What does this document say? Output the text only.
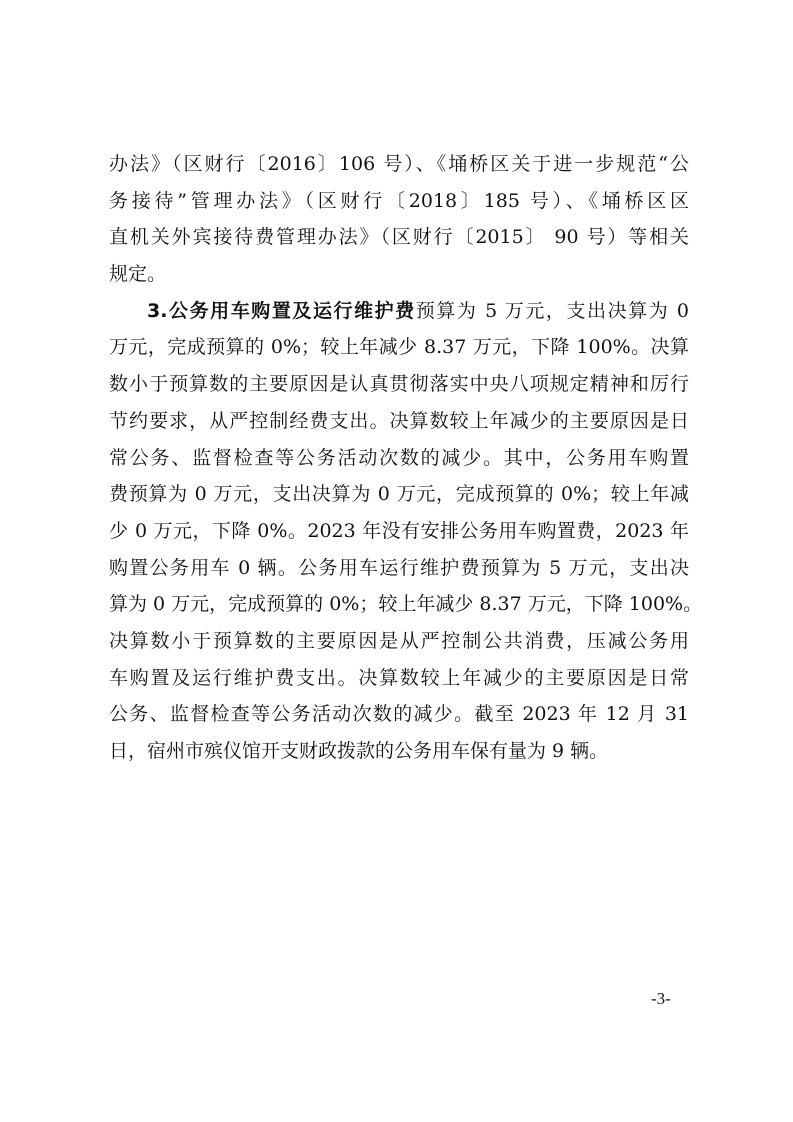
办法》（区财行〔2016〕106 号）、《埇桥区关于进一步规范“公
务接待”管理办法》（区财行〔2018〕185 号）、《埇桥区区
直机关外宾接待费管理办法》（区财行〔2015〕 90 号）等相关
规定。
3.公务用车购置及运行维护费预算为 5 万元，支出决算为 0
万元，完成预算的 0%；较上年减少 8.37 万元，下降 100%。决算
数小于预算数的主要原因是认真贯彻落实中央八项规定精神和厉行
节约要求，从严控制经费支出。决算数较上年减少的主要原因是日
常公务、监督检查等公务活动次数的减少。其中，公务用车购置
费预算为 0 万元，支出决算为 0 万元，完成预算的 0%；较上年减
少 0 万元，下降 0%。2023 年没有安排公务用车购置费，2023 年
购置公务用车 0 辆。公务用车运行维护费预算为 5 万元，支出决
算为 0 万元，完成预算的 0%；较上年减少 8.37 万元，下降 100%。
决算数小于预算数的主要原因是从严控制公共消费，压减公务用
车购置及运行维护费支出。决算数较上年减少的主要原因是日常
公务、监督检查等公务活动次数的减少。截至 2023 年 12 月 31
日，宿州市殡仪馆开支财政拨款的公务用车保有量为 9 辆。
-3-
